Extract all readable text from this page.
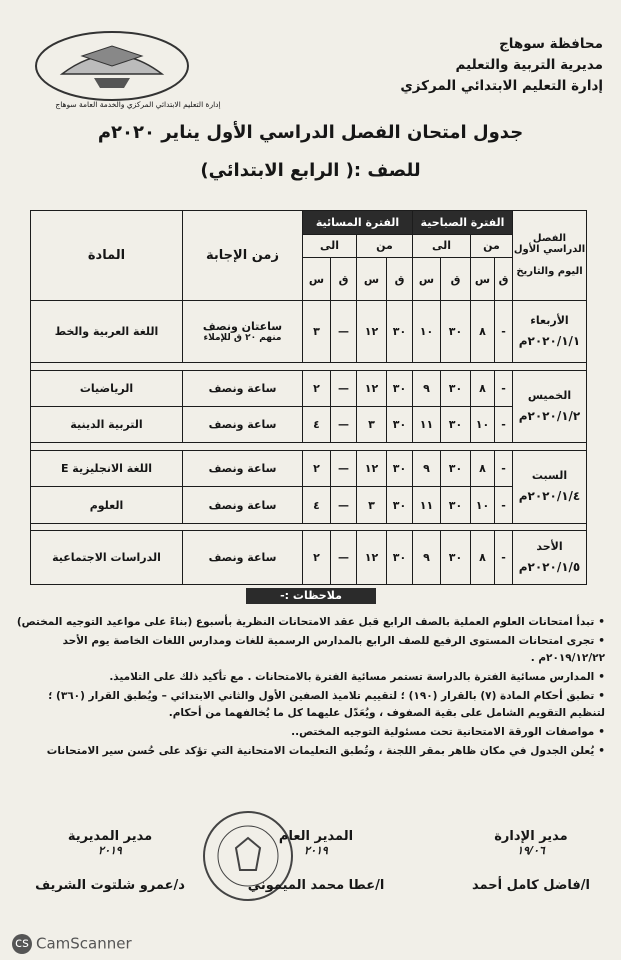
محافظة سوهاج
مديرية التربية والتعليم
إدارة التعليم الابتدائي المركزي
إدارة التعليم الابتدائي المركزي والخدمة العامة سوهاج
جدول امتحان الفصل الدراسي الأول يناير ٢٠٢٠م
للصف :( الرابع الابتدائي)
الفصل الدراسي الأول

اليوم والتاريخ	الفترة الصباحية				الفترة المسائية				زمن الإجابة	المادة
	من		الى		من		الى			
	ق	س	ق	س	ق	س	ق	س		
الأربعاء
٢٠٢٠/١/١م	-	٨	٣٠	١٠	٣٠	١٢	—	٣	ساعتان ونصف
منهم ٢٠ ق للإملاء	اللغة العربية والخط

الخميس
٢٠٢٠/١/٢م	-	٨	٣٠	٩	٣٠	١٢	—	٢	ساعة ونصف	الرياضيات
	-	١٠	٣٠	١١	٣٠	٣	—	٤	ساعة ونصف	التربية الدينية

السبت
٢٠٢٠/١/٤م	-	٨	٣٠	٩	٣٠	١٢	—	٢	ساعة ونصف	اللغة الانجليزية E
	-	١٠	٣٠	١١	٣٠	٣	—	٤	ساعة ونصف	العلوم

الأحد
٢٠٢٠/١/٥م	-	٨	٣٠	٩	٣٠	١٢	—	٢	ساعة ونصف	الدراسات الاجتماعية
ملاحظات :-
•تبدأ امتحانات العلوم العملية بالصف الرابع قبل عقد الامتحانات النظرية بأسبوع (بناءً على مواعيد التوجيه المختص)
•تجرى امتحانات المستوى الرفيع للصف الرابع بالمدارس الرسمية للغات ومدارس اللغات الخاصة يوم الأحد ٢٠١٩/١٢/٢٢م .
•المدارس مسائية الفترة بالدراسة تستمر مسائية الفترة بالامتحانات . مع تأكيد ذلك على التلاميذ.
•تطبق أحكام المادة (٧) بالقرار (١٩٠) ؛ لتقييم تلاميذ الصفين الأول والثاني الابتدائي – ويُطبق القرار (٣٦٠) ؛ لتنظيم التقويم الشامل على بقية الصفوف ، ويُعَدّل عليهما كل ما يُخالفهما من أحكام.
•مواصفات الورقة الامتحانية تحت مسئولية التوجيه المختص..
•يُعلن الجدول في مكان ظاهر بمقر اللجنة ، وتُطبق التعليمات الامتحانية التي تؤكد على حُسن سير الامتحانات
مدير الإدارة
١٩/٠٦
ا/فاضل كامل أحمد
المدير العام
٢٠١٩
ا/عطا محمد الميموني
مدير المديرية
٢٠١٩
د/عمرو شلتوت الشريف
cs CamScanner
